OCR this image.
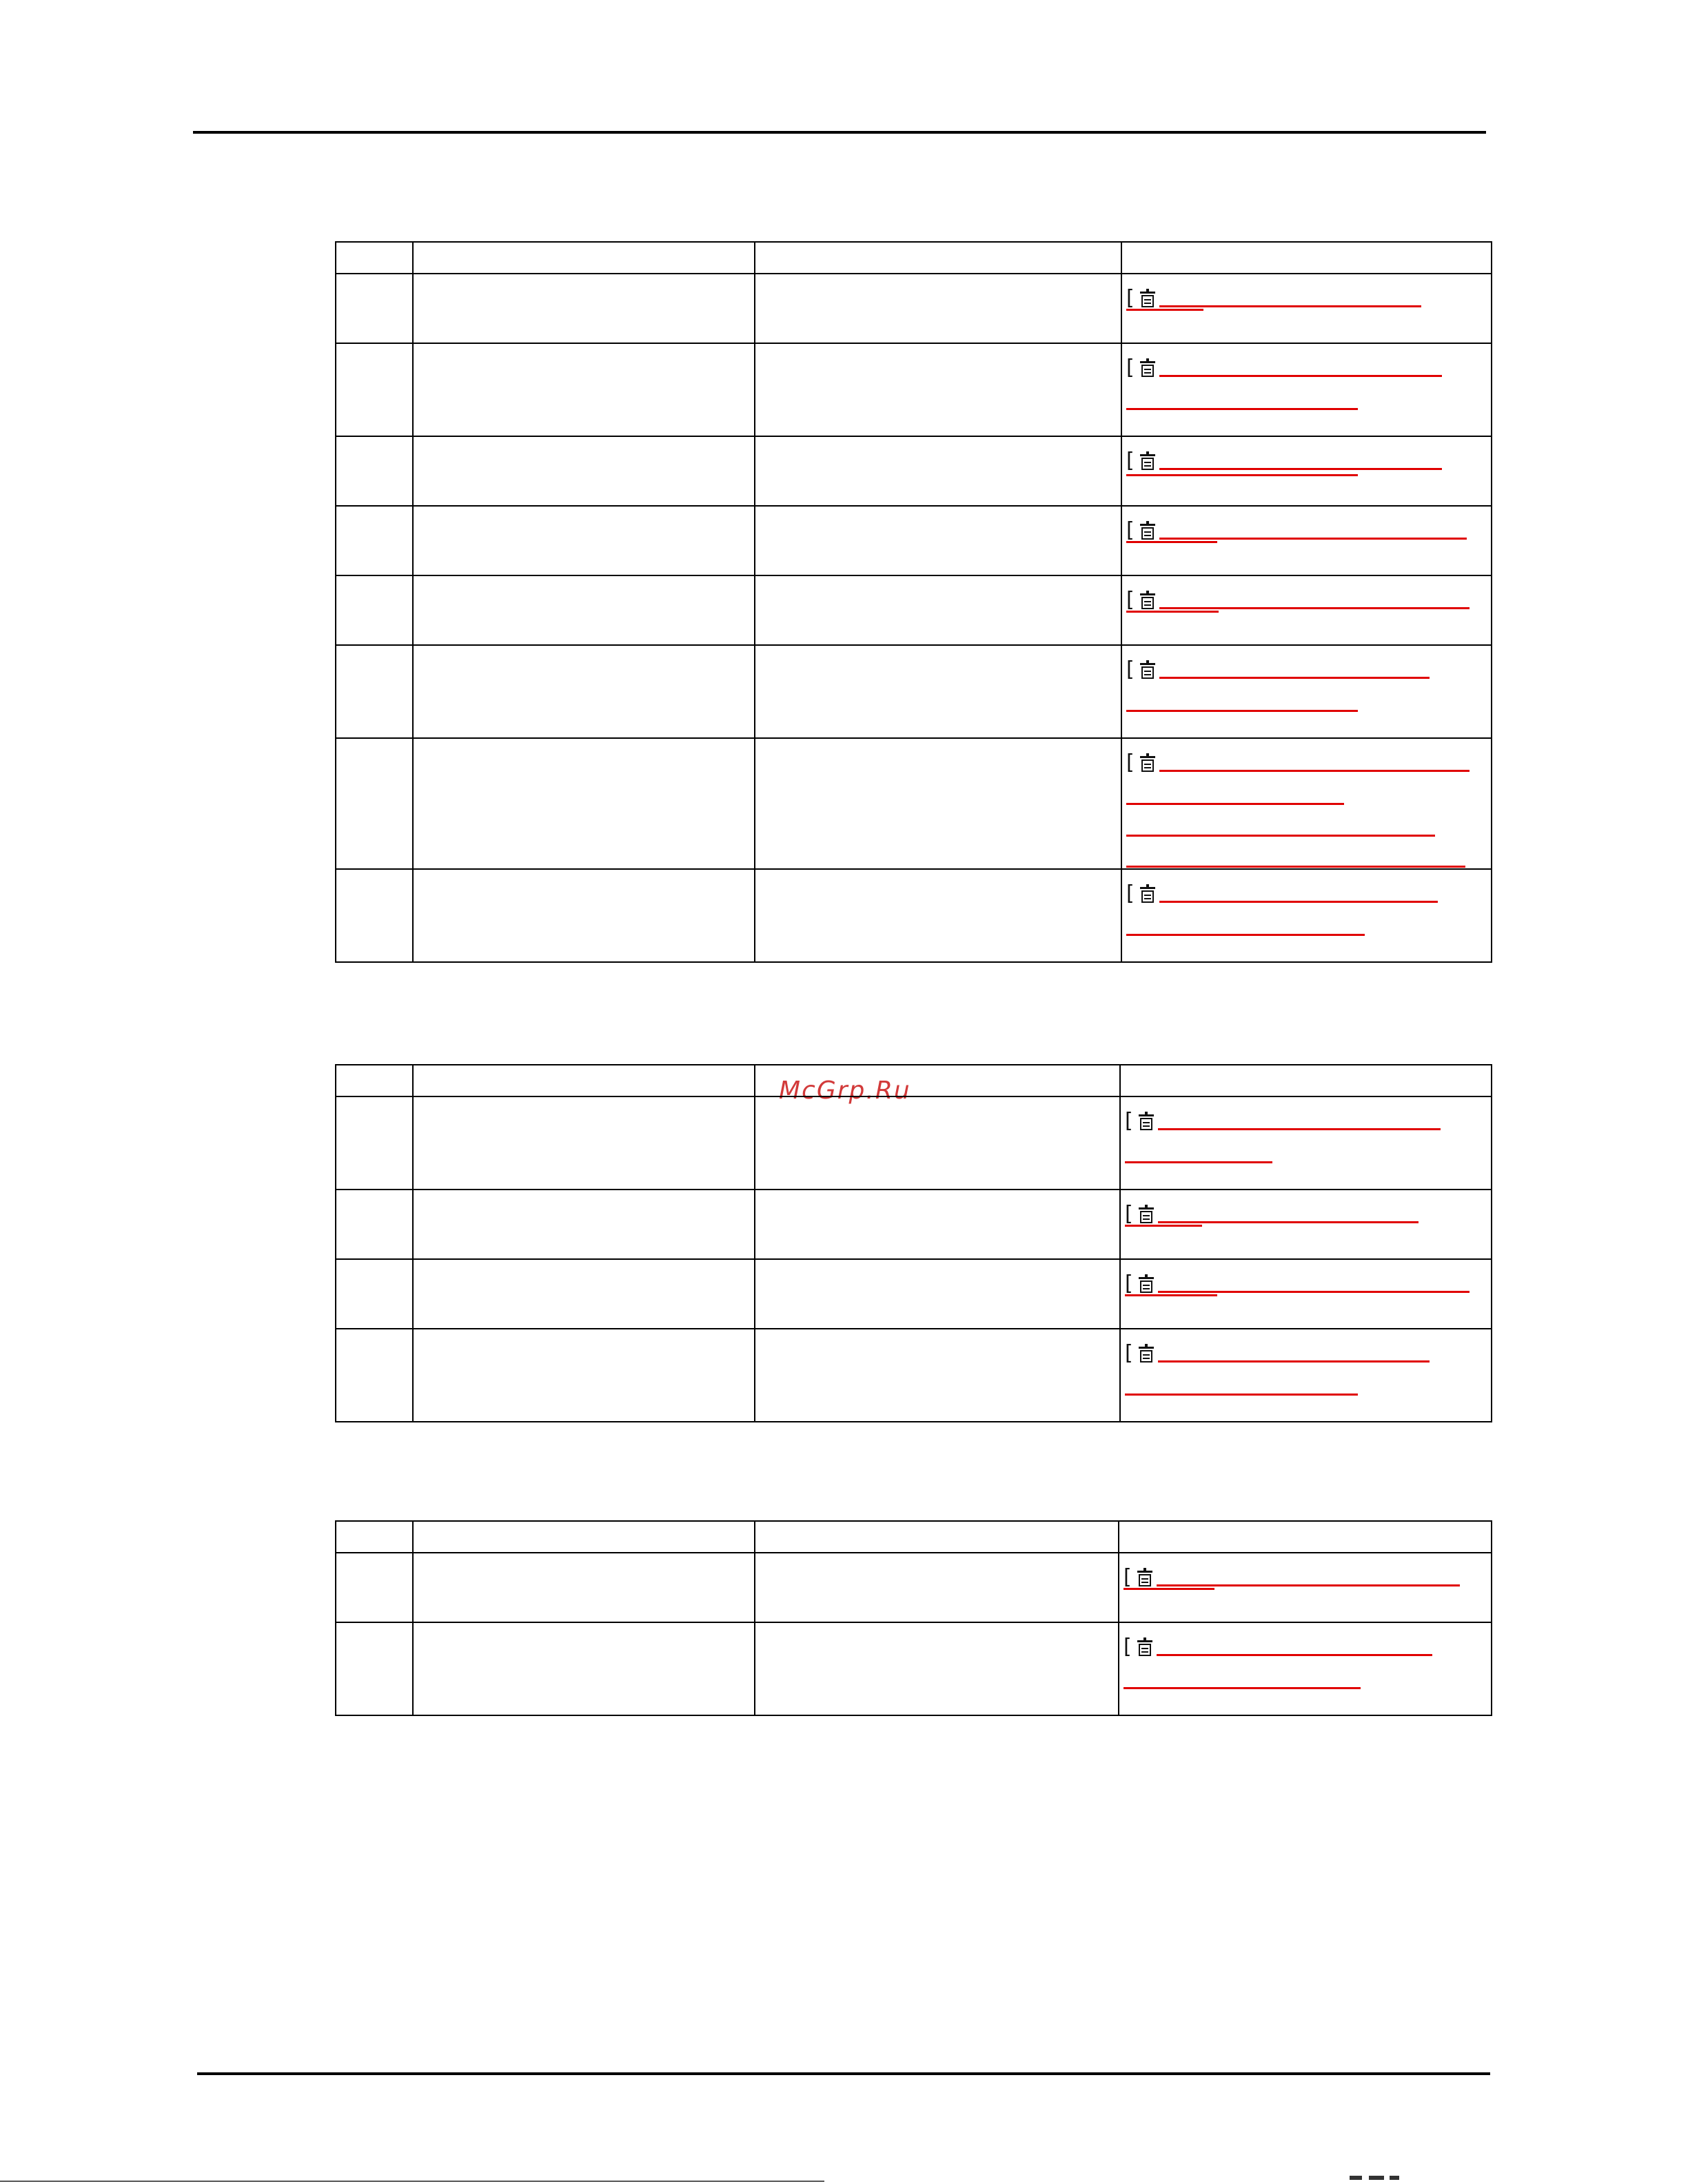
			[

			[

			[

			[

			[

			[

			[

			[
McGrp.Ru

			[

			[

			[

			[

			[

			[
